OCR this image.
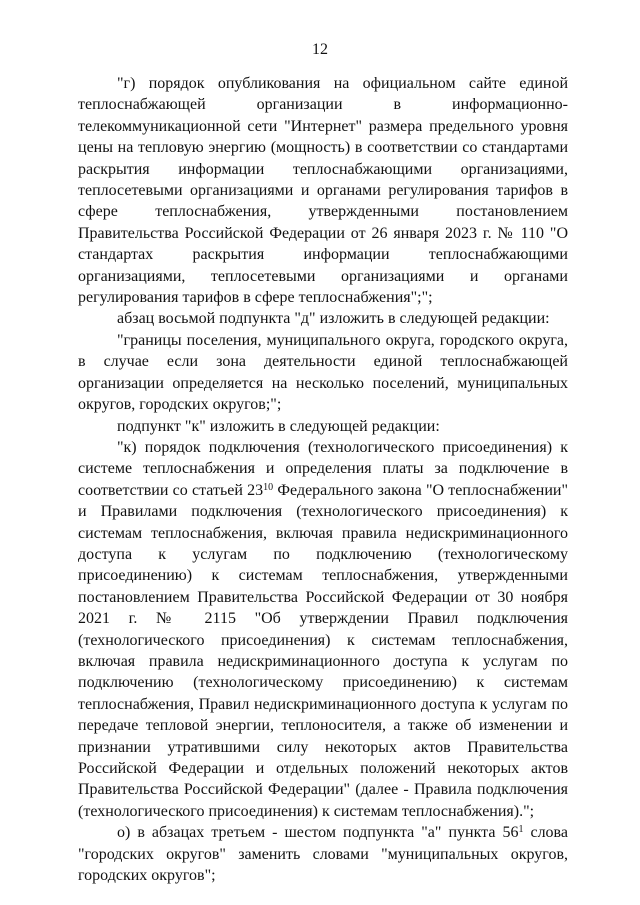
12

"г) порядок опубликования на официальном сайте единой теплоснабжающей организации в информационно-телекоммуникационной сети "Интернет" размера предельного уровня цены на тепловую энергию (мощность) в соответствии со стандартами раскрытия информации теплоснабжающими организациями, теплосетевыми организациями и органами регулирования тарифов в сфере теплоснабжения, утвержденными постановлением Правительства Российской Федерации от 26 января 2023 г. № 110 "О стандартах раскрытия информации теплоснабжающими организациями, теплосетевыми организациями и органами регулирования тарифов в сфере теплоснабжения";";

абзац восьмой подпункта "д" изложить в следующей редакции:

"границы поселения, муниципального округа, городского округа, в случае если зона деятельности единой теплоснабжающей организации определяется на несколько поселений, муниципальных округов, городских округов;";

подпункт "к" изложить в следующей редакции:

"к) порядок подключения (технологического присоединения) к системе теплоснабжения и определения платы за подключение в соответствии со статьей $23^{10}$ Федерального закона "О теплоснабжении" и Правилами подключения (технологического присоединения) к системам теплоснабжения, включая правила недискриминационного доступа к услугам по подключению (технологическому присоединению) к системам теплоснабжения, утвержденными постановлением Правительства Российской Федерации от 30 ноября 2021 г. № 2115 "Об утверждении Правил подключения (технологического присоединения) к системам теплоснабжения, включая правила недискриминационного доступа к услугам по подключению (технологическому присоединению) к системам теплоснабжения, Правил недискриминационного доступа к услугам по передаче тепловой энергии, теплоносителя, а также об изменении и признании утратившими силу некоторых актов Правительства Российской Федерации и отдельных положений некоторых актов Правительства Российской Федерации" (далее - Правила подключения (технологического присоединения) к системам теплоснабжения).";

о) в абзацах третьем - шестом подпункта "а" пункта $56^1$ слова "городских округов" заменить словами "муниципальных округов, городских округов";
